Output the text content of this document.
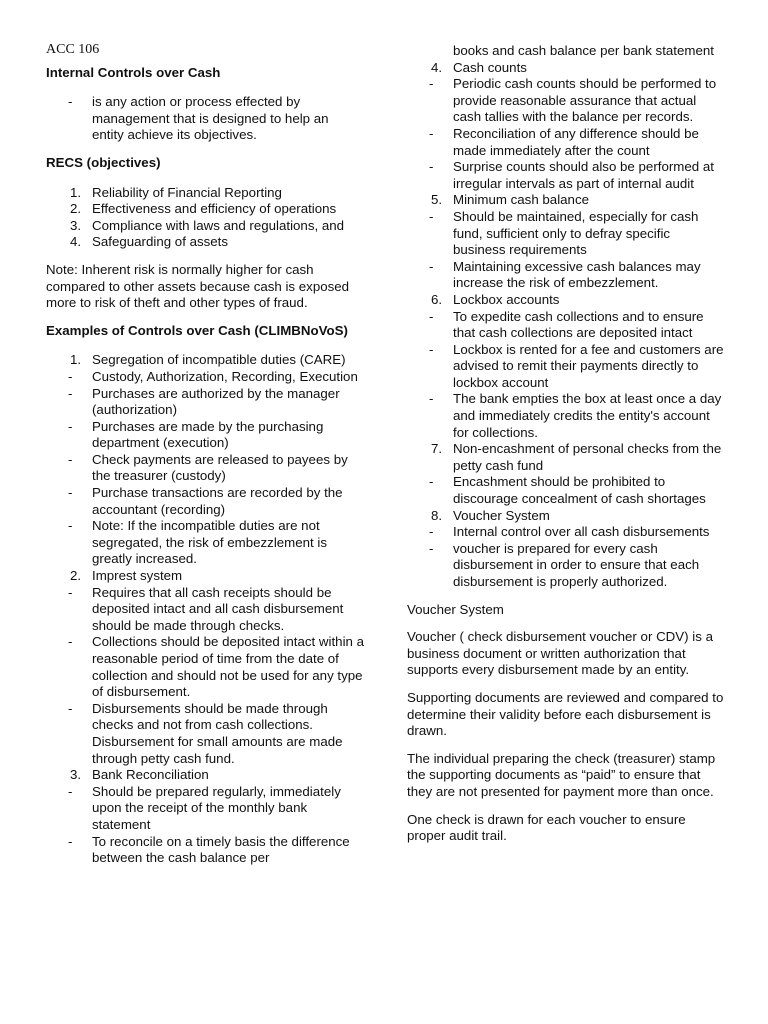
ACC 106
Internal Controls over Cash
- is any action or process effected by management that is designed to help an entity achieve its objectives.
RECS (objectives)
1. Reliability of Financial Reporting
2. Effectiveness and efficiency of operations
3. Compliance with laws and regulations, and
4. Safeguarding of assets

Note: Inherent risk is normally higher for cash compared to other assets because cash is exposed more to risk of theft and other types of fraud.

Examples of Controls over Cash (CLIMBNoVoS)
1. Segregation of incompatible duties (CARE)
- Custody, Authorization, Recording, Execution
- Purchases are authorized by the manager (authorization)
- Purchases are made by the purchasing department (execution)
- Check payments are released to payees by the treasurer (custody)
- Purchase transactions are recorded by the accountant (recording)
- Note: If the incompatible duties are not segregated, the risk of embezzlement is greatly increased.
2. Imprest system
- Requires that all cash receipts should be deposited intact and all cash disbursement should be made through checks.
- Collections should be deposited intact within a reasonable period of time from the date of collection and should not be used for any type of disbursement.
- Disbursements should be made through checks and not from cash collections. Disbursement for small amounts are made through petty cash fund.
3. Bank Reconciliation
- Should be prepared regularly, immediately upon the receipt of the monthly bank statement
- To reconcile on a timely basis the difference between the cash balance per
books and cash balance per bank statement
4. Cash counts
- Periodic cash counts should be performed to provide reasonable assurance that actual cash tallies with the balance per records.
- Reconciliation of any difference should be made immediately after the count
- Surprise counts should also be performed at irregular intervals as part of internal audit
5. Minimum cash balance
- Should be maintained, especially for cash fund, sufficient only to defray specific business requirements
- Maintaining excessive cash balances may increase the risk of embezzlement.
6. Lockbox accounts
- To expedite cash collections and to ensure that cash collections are deposited intact
- Lockbox is rented for a fee and customers are advised to remit their payments directly to lockbox account
- The bank empties the box at least once a day and immediately credits the entity's account for collections.
7. Non-encashment of personal checks from the petty cash fund
- Encashment should be prohibited to discourage concealment of cash shortages
8. Voucher System
- Internal control over all cash disbursements
- voucher is prepared for every cash disbursement in order to ensure that each disbursement is properly authorized.

Voucher System

Voucher ( check disbursement voucher or CDV) is a business document or written authorization that supports every disbursement made by an entity.

Supporting documents are reviewed and compared to determine their validity before each disbursement is drawn.

The individual preparing the check (treasurer) stamp the supporting documents as “paid” to ensure that they are not presented for payment more than once.

One check is drawn for each voucher to ensure proper audit trail.
